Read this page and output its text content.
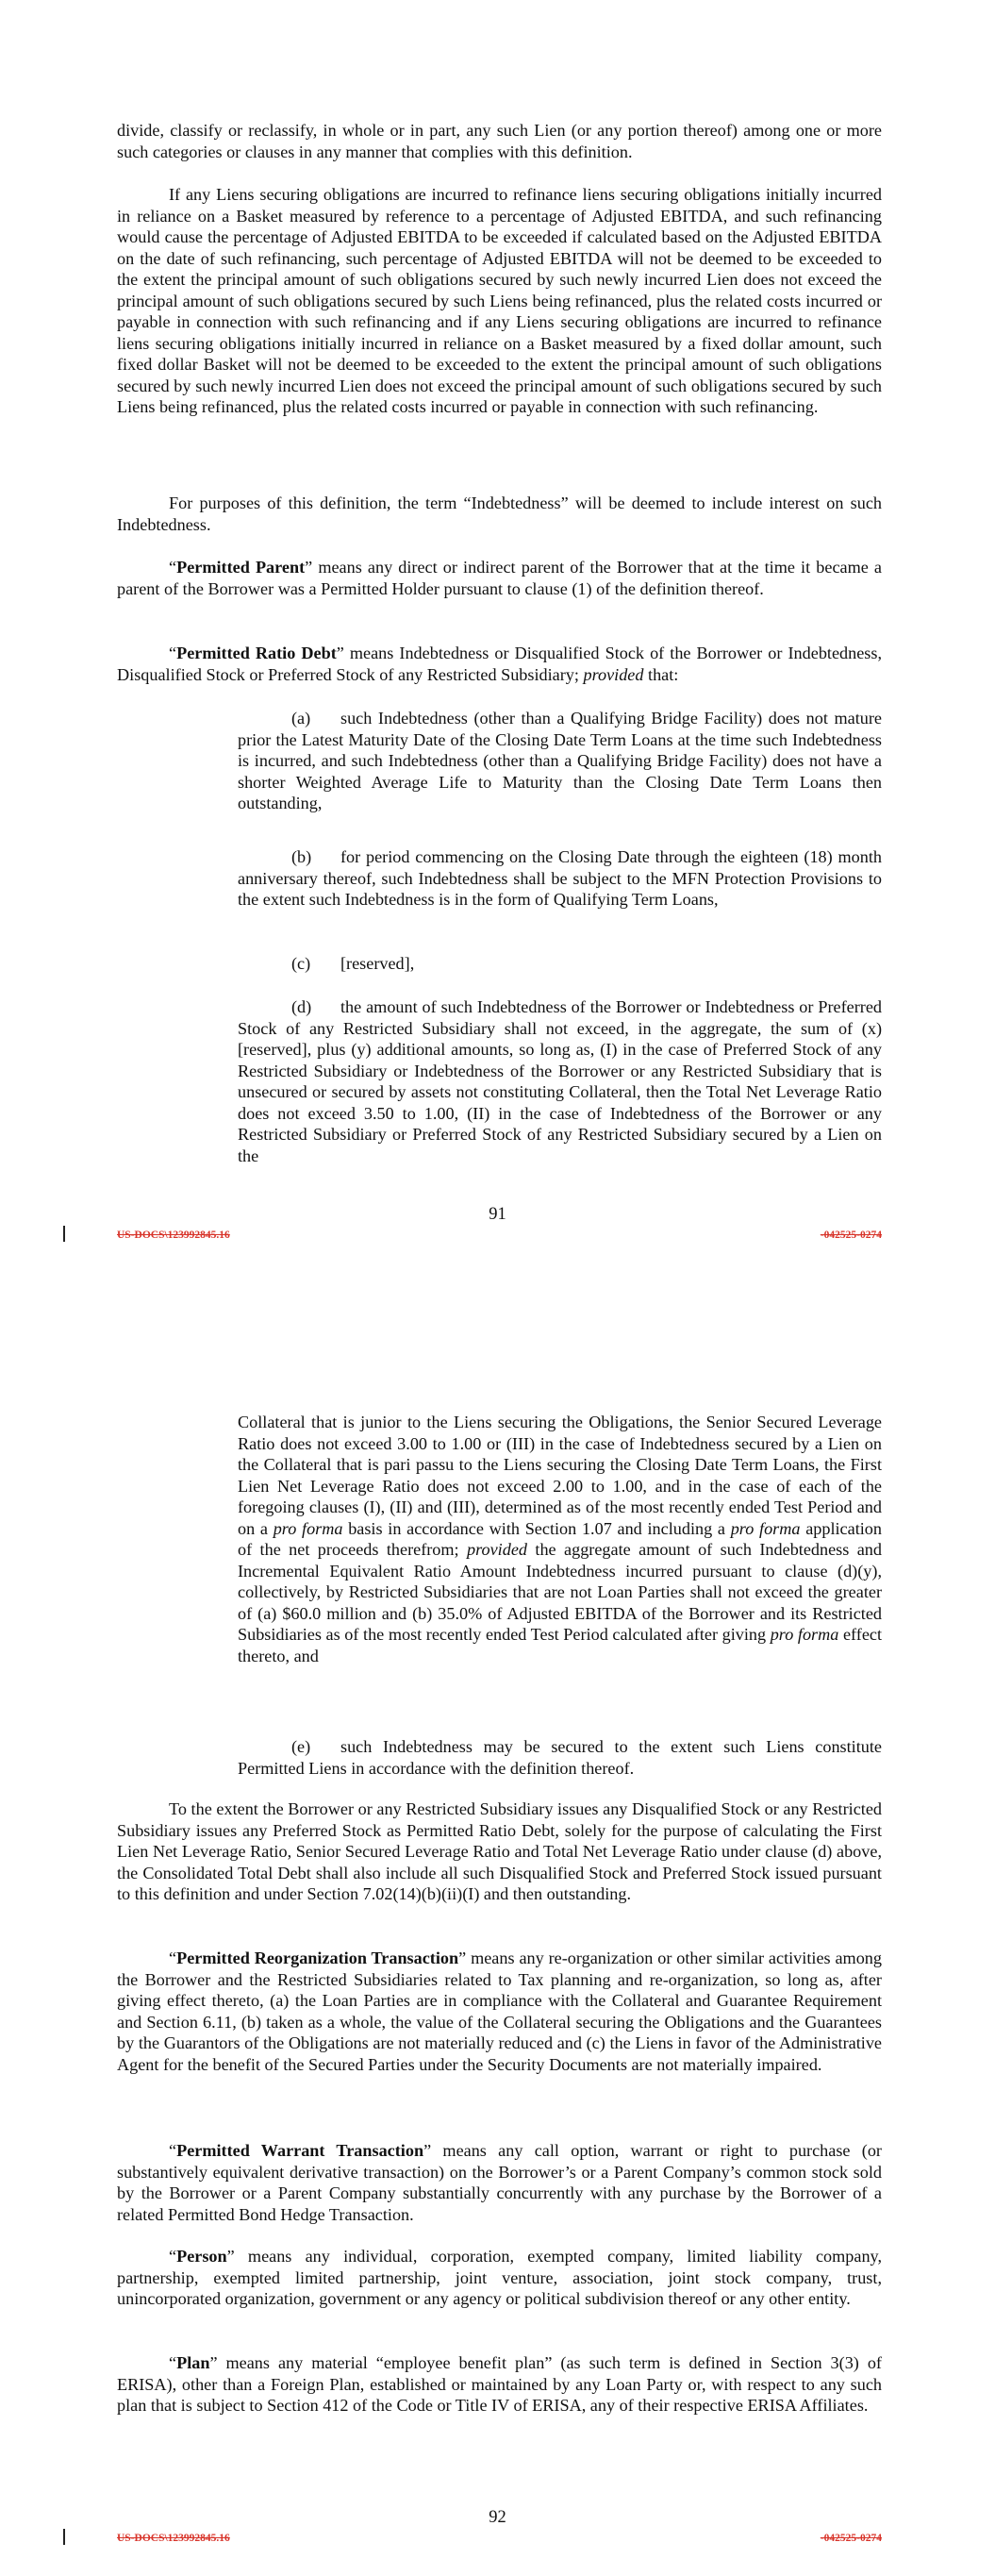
divide, classify or reclassify, in whole or in part, any such Lien (or any portion thereof) among one or more such categories or clauses in any manner that complies with this definition.

If any Liens securing obligations are incurred to refinance liens securing obligations initially incurred in reliance on a Basket measured by reference to a percentage of Adjusted EBITDA, and such refinancing would cause the percentage of Adjusted EBITDA to be exceeded if calculated based on the Adjusted EBITDA on the date of such refinancing, such percentage of Adjusted EBITDA will not be deemed to be exceeded to the extent the principal amount of such obligations secured by such newly incurred Lien does not exceed the principal amount of such obligations secured by such Liens being refinanced, plus the related costs incurred or payable in connection with such refinancing and if any Liens securing obligations are incurred to refinance liens securing obligations initially incurred in reliance on a Basket measured by a fixed dollar amount, such fixed dollar Basket will not be deemed to be exceeded to the extent the principal amount of such obligations secured by such newly incurred Lien does not exceed the principal amount of such obligations secured by such Liens being refinanced, plus the related costs incurred or payable in connection with such refinancing.

For purposes of this definition, the term “Indebtedness” will be deemed to include interest on such Indebtedness.

“Permitted Parent” means any direct or indirect parent of the Borrower that at the time it became a parent of the Borrower was a Permitted Holder pursuant to clause (1) of the definition thereof.

“Permitted Ratio Debt” means Indebtedness or Disqualified Stock of the Borrower or Indebtedness, Disqualified Stock or Preferred Stock of any Restricted Subsidiary; provided that:

(a) such Indebtedness (other than a Qualifying Bridge Facility) does not mature prior the Latest Maturity Date of the Closing Date Term Loans at the time such Indebtedness is incurred, and such Indebtedness (other than a Qualifying Bridge Facility) does not have a shorter Weighted Average Life to Maturity than the Closing Date Term Loans then outstanding,

(b) for period commencing on the Closing Date through the eighteen (18) month anniversary thereof, such Indebtedness shall be subject to the MFN Protection Provisions to the extent such Indebtedness is in the form of Qualifying Term Loans,

(c) [reserved],

(d) the amount of such Indebtedness of the Borrower or Indebtedness or Preferred Stock of any Restricted Subsidiary shall not exceed, in the aggregate, the sum of (x) [reserved], plus (y) additional amounts, so long as, (I) in the case of Preferred Stock of any Restricted Subsidiary or Indebtedness of the Borrower or any Restricted Subsidiary that is unsecured or secured by assets not constituting Collateral, then the Total Net Leverage Ratio does not exceed 3.50 to 1.00, (II) in the case of Indebtedness of the Borrower or any Restricted Subsidiary or Preferred Stock of any Restricted Subsidiary secured by a Lien on the

91
US-DOCS\123992845.16	-042525-0274

Collateral that is junior to the Liens securing the Obligations, the Senior Secured Leverage Ratio does not exceed 3.00 to 1.00 or (III) in the case of Indebtedness secured by a Lien on the Collateral that is pari passu to the Liens securing the Closing Date Term Loans, the First Lien Net Leverage Ratio does not exceed 2.00 to 1.00, and in the case of each of the foregoing clauses (I), (II) and (III), determined as of the most recently ended Test Period and on a pro forma basis in accordance with Section 1.07 and including a pro forma application of the net proceeds therefrom; provided the aggregate amount of such Indebtedness and Incremental Equivalent Ratio Amount Indebtedness incurred pursuant to clause (d)(y), collectively, by Restricted Subsidiaries that are not Loan Parties shall not exceed the greater of (a) $60.0 million and (b) 35.0% of Adjusted EBITDA of the Borrower and its Restricted Subsidiaries as of the most recently ended Test Period calculated after giving pro forma effect thereto, and

(e) such Indebtedness may be secured to the extent such Liens constitute Permitted Liens in accordance with the definition thereof.

To the extent the Borrower or any Restricted Subsidiary issues any Disqualified Stock or any Restricted Subsidiary issues any Preferred Stock as Permitted Ratio Debt, solely for the purpose of calculating the First Lien Net Leverage Ratio, Senior Secured Leverage Ratio and Total Net Leverage Ratio under clause (d) above, the Consolidated Total Debt shall also include all such Disqualified Stock and Preferred Stock issued pursuant to this definition and under Section 7.02(14)(b)(ii)(I) and then outstanding.

“Permitted Reorganization Transaction” means any re-organization or other similar activities among the Borrower and the Restricted Subsidiaries related to Tax planning and re-organization, so long as, after giving effect thereto, (a) the Loan Parties are in compliance with the Collateral and Guarantee Requirement and Section 6.11, (b) taken as a whole, the value of the Collateral securing the Obligations and the Guarantees by the Guarantors of the Obligations are not materially reduced and (c) the Liens in favor of the Administrative Agent for the benefit of the Secured Parties under the Security Documents are not materially impaired.

“Permitted Warrant Transaction” means any call option, warrant or right to purchase (or substantively equivalent derivative transaction) on the Borrower’s or a Parent Company’s common stock sold by the Borrower or a Parent Company substantially concurrently with any purchase by the Borrower of a related Permitted Bond Hedge Transaction.

“Person” means any individual, corporation, exempted company, limited liability company, partnership, exempted limited partnership, joint venture, association, joint stock company, trust, unincorporated organization, government or any agency or political subdivision thereof or any other entity.

“Plan” means any material “employee benefit plan” (as such term is defined in Section 3(3) of ERISA), other than a Foreign Plan, established or maintained by any Loan Party or, with respect to any such plan that is subject to Section 412 of the Code or Title IV of ERISA, any of their respective ERISA Affiliates.

92
US-DOCS\123992845.16	-042525-0274
